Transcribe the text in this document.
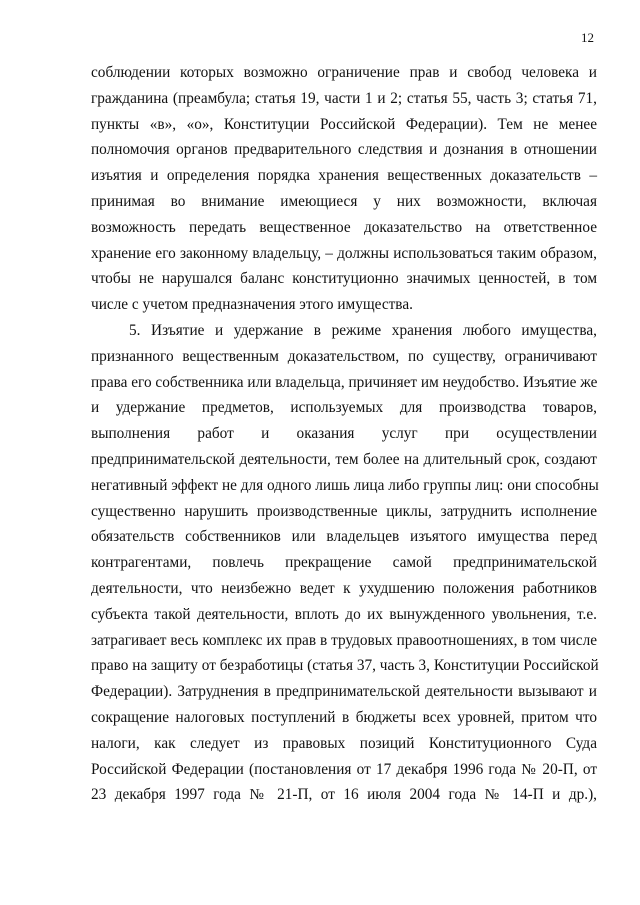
12
соблюдении которых возможно ограничение прав и свобод человека и
гражданина (преамбула; статья 19, части 1 и 2; статья 55, часть 3; статья 71,
пункты «в», «о», Конституции Российской Федерации). Тем не менее
полномочия органов предварительного следствия и дознания в отношении
изъятия и определения порядка хранения вещественных доказательств –
принимая во внимание имеющиеся у них возможности, включая
возможность передать вещественное доказательство на ответственное
хранение его законному владельцу, – должны использоваться таким образом,
чтобы не нарушался баланс конституционно значимых ценностей, в том
числе с учетом предназначения этого имущества.
5. Изъятие и удержание в режиме хранения любого имущества,
признанного вещественным доказательством, по существу, ограничивают
права его собственника или владельца, причиняет им неудобство. Изъятие же
и удержание предметов, используемых для производства товаров,
выполнения работ и оказания услуг при осуществлении
предпринимательской деятельности, тем более на длительный срок, создают
негативный эффект не для одного лишь лица либо группы лиц: они способны
существенно нарушить производственные циклы, затруднить исполнение
обязательств собственников или владельцев изъятого имущества перед
контрагентами, повлечь прекращение самой предпринимательской
деятельности, что неизбежно ведет к ухудшению положения работников
субъекта такой деятельности, вплоть до их вынужденного увольнения, т.е.
затрагивает весь комплекс их прав в трудовых правоотношениях, в том числе
право на защиту от безработицы (статья 37, часть 3, Конституции Российской
Федерации). Затруднения в предпринимательской деятельности вызывают и
сокращение налоговых поступлений в бюджеты всех уровней, притом что
налоги, как следует из правовых позиций Конституционного Суда
Российской Федерации (постановления от 17 декабря 1996 года № 20-П, от
23 декабря 1997 года № 21-П, от 16 июля 2004 года № 14-П и др.),
